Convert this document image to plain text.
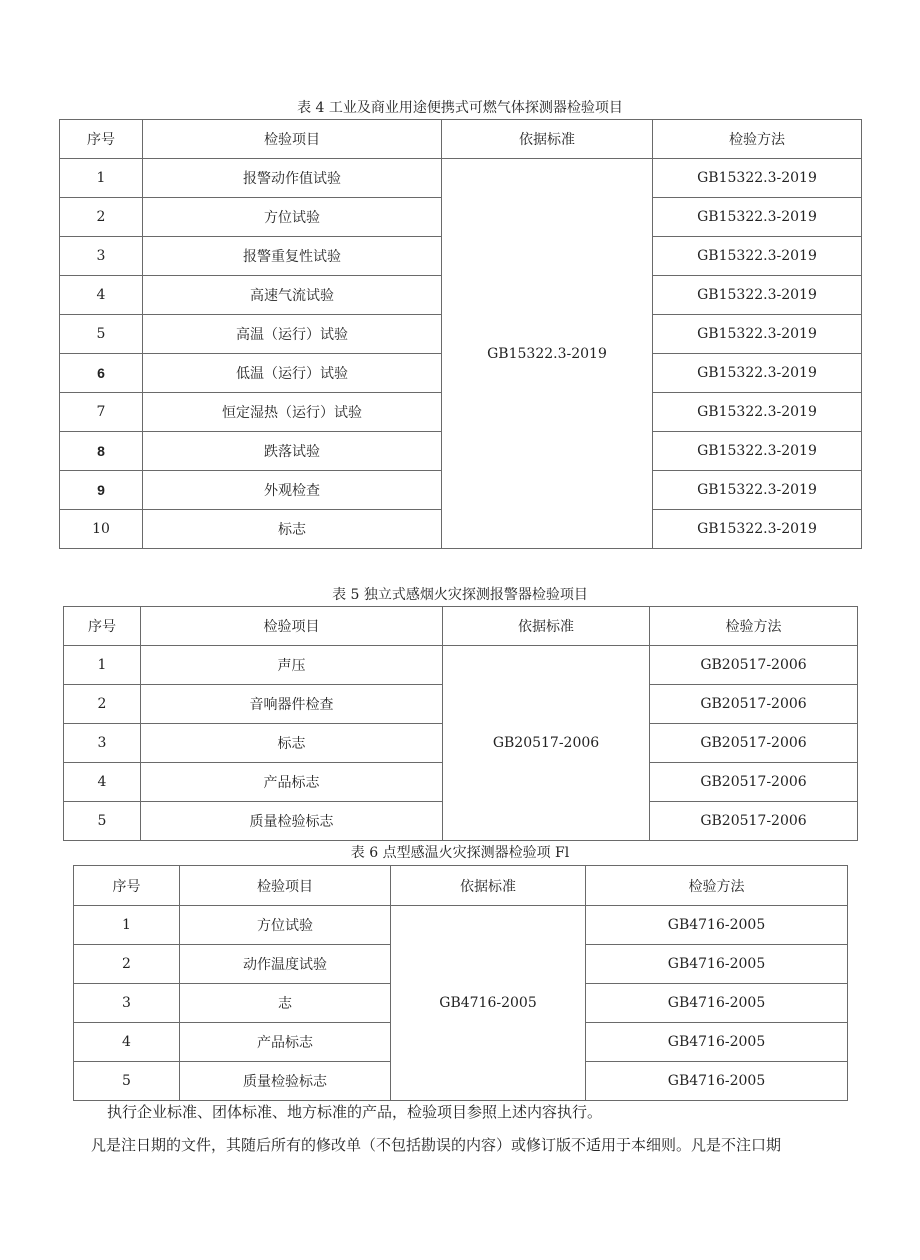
表 4 工业及商业用途便携式可燃气体探测器检验项目
序号	检验项目	依据标准	检验方法
1	报警动作值试验	GB15322.3-2019	GB15322.3-2019
2	方位试验		GB15322.3-2019
3	报警重复性试验		GB15322.3-2019
4	高速气流试验		GB15322.3-2019
5	高温（运行）试验		GB15322.3-2019
6	低温（运行）试验		GB15322.3-2019
7	恒定湿热（运行）试验		GB15322.3-2019
8	跌落试验		GB15322.3-2019
9	外观检查		GB15322.3-2019
10	标志		GB15322.3-2019
表 5 独立式感烟火灾探测报警器检验项目
序号	检验项目	依据标准	检验方法
1	声压	GB20517-2006	GB20517-2006
2	音响器件检查		GB20517-2006
3	标志		GB20517-2006
4	产品标志		GB20517-2006
5	质量检验标志		GB20517-2006
表 6 点型感温火灾探测器检验项 Fl
序号	检验项目	依据标准	检验方法
1	方位试验	GB4716-2005	GB4716-2005
2	动作温度试验		GB4716-2005
3	志		GB4716-2005
4	产品标志		GB4716-2005
5	质量检验标志		GB4716-2005
执行企业标准、团体标准、地方标准的产品，检验项目参照上述内容执行。
凡是注日期的文件，其随后所有的修改单（不包括勘误的内容）或修订版不适用于本细则。凡是不注口期
